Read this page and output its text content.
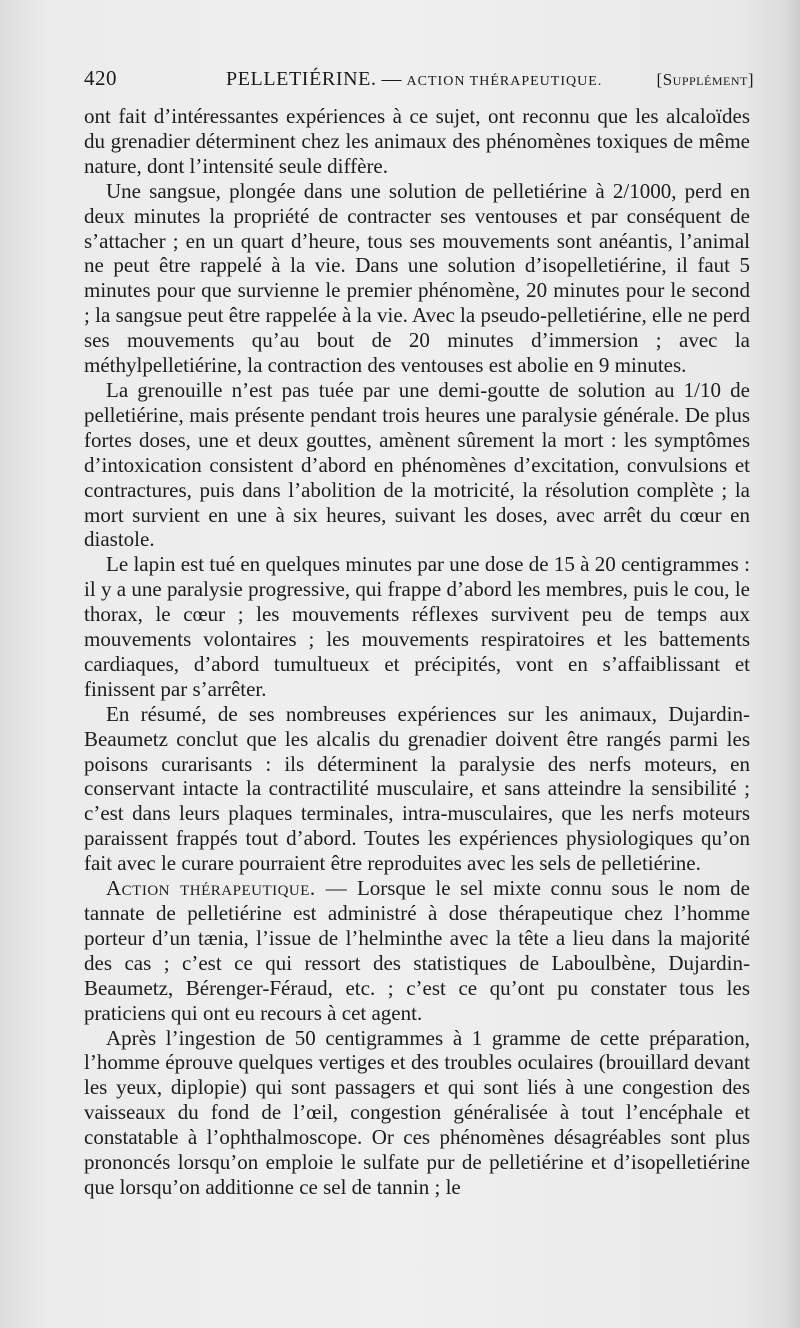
420	PELLETIÉRINE. — ACTION THÉRAPEUTIQUE.	[Supplément]

ont fait d’intéressantes expériences à ce sujet, ont reconnu que les alcaloïdes du grenadier déterminent chez les animaux des phénomènes toxiques de même nature, dont l’intensité seule diffère.

Une sangsue, plongée dans une solution de pelletiérine à 2/1000, perd en deux minutes la propriété de contracter ses ventouses et par conséquent de s’attacher ; en un quart d’heure, tous ses mouvements sont anéantis, l’animal ne peut être rappelé à la vie. Dans une solution d’isopelletiérine, il faut 5 minutes pour que survienne le premier phénomène, 20 minutes pour le second ; la sangsue peut être rappelée à la vie. Avec la pseudo-pelletiérine, elle ne perd ses mouvements qu’au bout de 20 minutes d’immersion ; avec la méthylpelletiérine, la contraction des ventouses est abolie en 9 minutes.

La grenouille n’est pas tuée par une demi-goutte de solution au 1/10 de pelletiérine, mais présente pendant trois heures une paralysie générale. De plus fortes doses, une et deux gouttes, amènent sûrement la mort : les symptômes d’intoxication consistent d’abord en phénomènes d’excitation, convulsions et contractures, puis dans l’abolition de la motricité, la résolution complète ; la mort survient en une à six heures, suivant les doses, avec arrêt du cœur en diastole.

Le lapin est tué en quelques minutes par une dose de 15 à 20 centigrammes : il y a une paralysie progressive, qui frappe d’abord les membres, puis le cou, le thorax, le cœur ; les mouvements réflexes survivent peu de temps aux mouvements volontaires ; les mouvements respiratoires et les battements cardiaques, d’abord tumultueux et précipités, vont en s’affaiblissant et finissent par s’arrêter.

En résumé, de ses nombreuses expériences sur les animaux, Dujardin-Beaumetz conclut que les alcalis du grenadier doivent être rangés parmi les poisons curarisants : ils déterminent la paralysie des nerfs moteurs, en conservant intacte la contractilité musculaire, et sans atteindre la sensibilité ; c’est dans leurs plaques terminales, intra-musculaires, que les nerfs moteurs paraissent frappés tout d’abord. Toutes les expériences physiologiques qu’on fait avec le curare pourraient être reproduites avec les sels de pelletiérine.

Action thérapeutique. — Lorsque le sel mixte connu sous le nom de tannate de pelletiérine est administré à dose thérapeutique chez l’homme porteur d’un tænia, l’issue de l’helminthe avec la tête a lieu dans la majorité des cas ; c’est ce qui ressort des statistiques de Laboulbène, Dujardin-Beaumetz, Bérenger-Féraud, etc. ; c’est ce qu’ont pu constater tous les praticiens qui ont eu recours à cet agent.

Après l’ingestion de 50 centigrammes à 1 gramme de cette préparation, l’homme éprouve quelques vertiges et des troubles oculaires (brouillard devant les yeux, diplopie) qui sont passagers et qui sont liés à une congestion des vaisseaux du fond de l’œil, congestion généralisée à tout l’encéphale et constatable à l’ophthalmoscope. Or ces phénomènes désagréables sont plus prononcés lorsqu’on emploie le sulfate pur de pelletiérine et d’isopelletiérine que lorsqu’on additionne ce sel de tannin ; le
